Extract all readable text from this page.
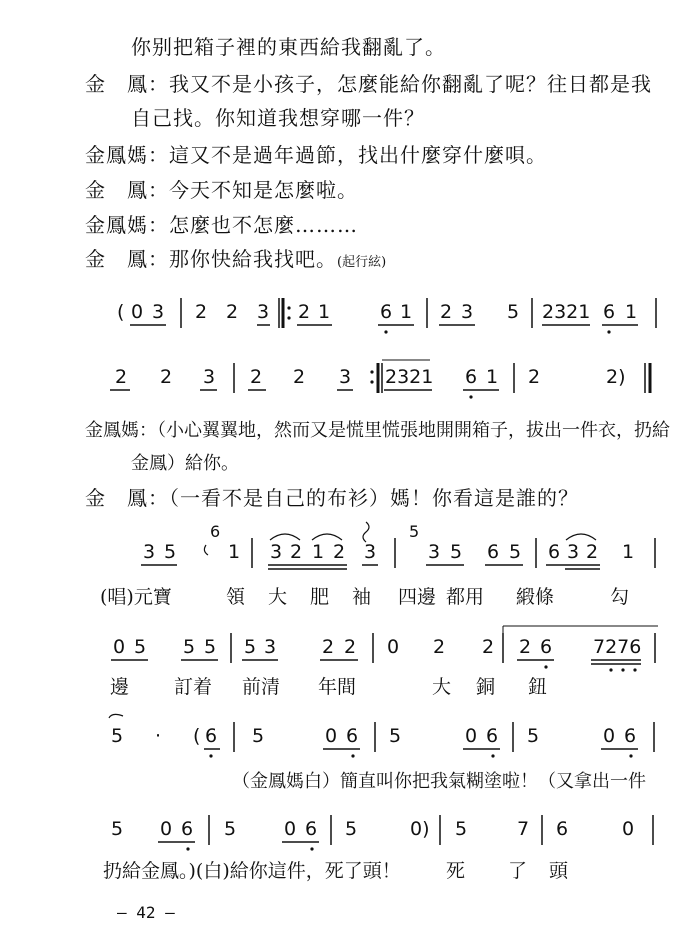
你别把箱子裡的東西給我翻亂了。
金　鳳：我又不是小孩子，怎麼能給你翻亂了呢？往日都是我
自己找。你知道我想穿哪一件？
金鳳媽：這又不是過年過節，找出什麼穿什麼唄。
金　鳳：今天不知是怎麼啦。
金鳳媽：怎麼也不怎麼………
金　鳳：那你快給我找吧。(起行絃)
金鳳媽：（小心翼翼地，然而又是慌里慌張地開開箱子，拔出一件衣，扔給
金鳳）給你。
金　鳳：（一看不是自己的布衫）媽！你看這是誰的？
( 0 3 2 2 3 2 1	6 1 2 3 5 2321 6 1
2 2 3 2 2 3 2321 6 1 2	2)
3 5
6
1 3 2 1 2 3
5
3 5 6 5 6 3 2 1
0 5 5 5 5 3 2 2 0 2 2 2 6 7276
5 · ( 6 5	0 6 5	0 6 5	0 6
5 0 6 5	0 6 5	0) 5	7 6	0
(唱)元寶	領 大 肥 袖 四邊 都用 緞條	勾
邊 訂着 前清 年間	大 銅 鈕
（金鳳媽白）簡直叫你把我氣糊塗啦！（又拿出一件
扔給金鳳。)(白)給你這件，死了頭！ 死 了 頭
— 42 —
